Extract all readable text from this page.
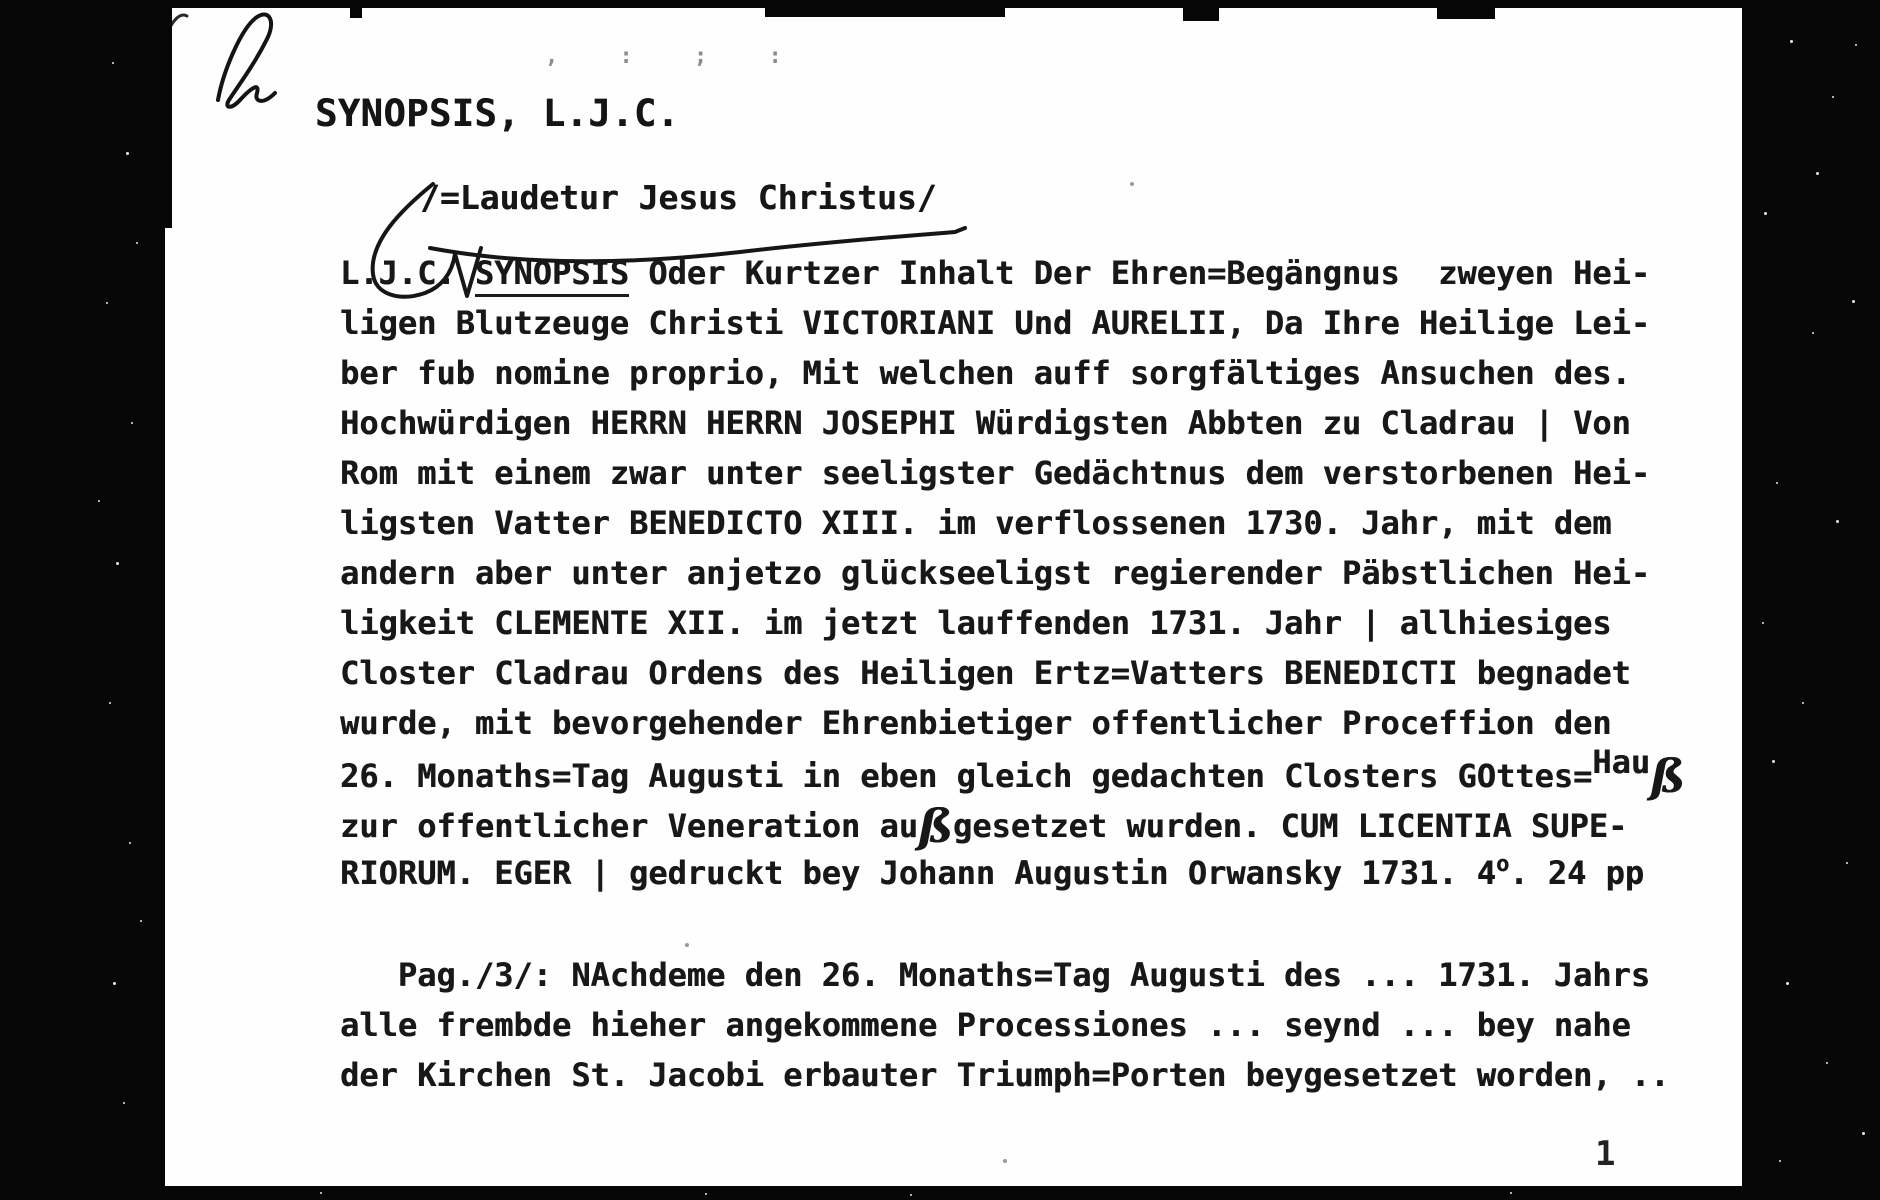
, : ; :
SYNOPSIS, L.J.C.
/=Laudetur Jesus Christus/
L.J.C. SYNOPSIS Oder Kurtzer Inhalt Der Ehren=Begängnus  zweyen Hei-
ligen Blutzeuge Christi VICTORIANI Und AURELII, Da Ihre Heilige Lei-
ber fub nomine proprio, Mit welchen auff sorgfältiges Ansuchen des.
Hochwürdigen HERRN HERRN JOSEPHI Würdigsten Abbten zu Cladrau | Von
Rom mit einem zwar unter seeligster Gedächtnus dem verstorbenen Hei-
ligsten Vatter BENEDICTO XIII. im verflossenen 1730. Jahr, mit dem
andern aber unter anjetzo glückseeligst regierender Päbstlichen Hei-
ligkeit CLEMENTE XII. im jetzt lauffenden 1731. Jahr | allhiesiges
Closter Cladrau Ordens des Heiligen Ertz=Vatters BENEDICTI begnadet
wurde, mit bevorgehender Ehrenbietiger offentlicher Proceffion den
26. Monaths=Tag Augusti in eben gleich gedachten Closters GOttes=Hauß
zur offentlicher Veneration außgesetzet wurden. CUM LICENTIA SUPE-
RIORUM. EGER | gedruckt bey Johann Augustin Orwansky 1731. 4$^o$. 24 pp
Pag./3/: NAchdeme den 26. Monaths=Tag Augusti des ... 1731. Jahrs
alle frembde hieher angekommene Processiones ... seynd ... bey nahe
der Kirchen St. Jacobi erbauter Triumph=Porten beygesetzet worden, ..
1
